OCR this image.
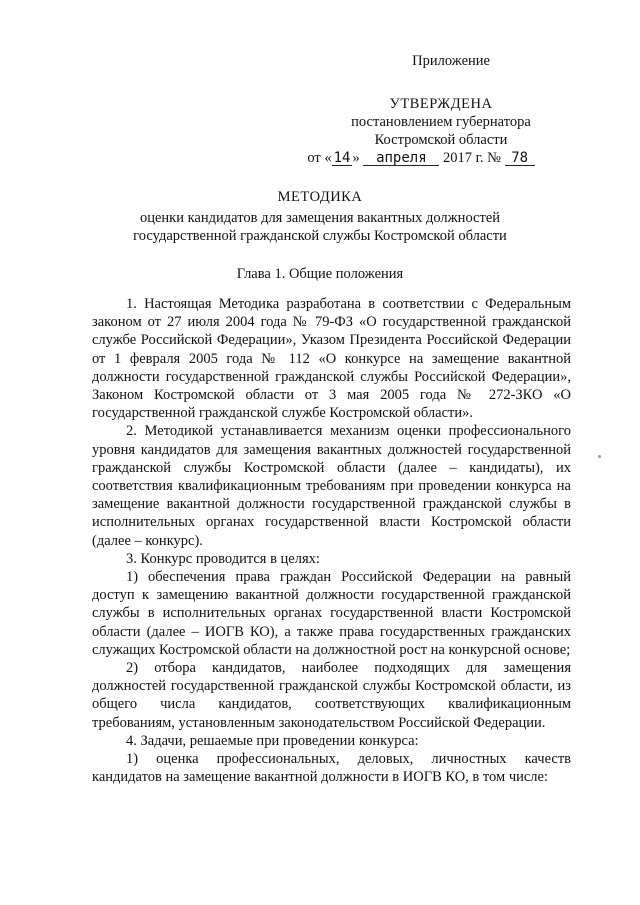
Приложение
УТВЕРЖДЕНА
постановлением губернатора
Костромской области
от « 14 » апреля 2017 г. № 78
МЕТОДИКА
оценки кандидатов для замещения вакантных должностей
государственной гражданской службы Костромской области
Глава 1. Общие положения

1. Настоящая Методика разработана в соответствии с Федеральным законом от 27 июля 2004 года № 79-ФЗ «О государственной гражданской службе Российской Федерации», Указом Президента Российской Федерации от 1 февраля 2005 года № 112 «О конкурсе на замещение вакантной должности государственной гражданской службы Российской Федерации», Законом Костромской области от 3 мая 2005 года № 272-ЗКО «О государственной гражданской службе Костромской области».

2. Методикой устанавливается механизм оценки профессионального уровня кандидатов для замещения вакантных должностей государственной гражданской службы Костромской области (далее – кандидаты), их соответствия квалификационным требованиям при проведении конкурса на замещение вакантной должности государственной гражданской службы в исполнительных органах государственной власти Костромской области (далее – конкурс).

3. Конкурс проводится в целях:

1) обеспечения права граждан Российской Федерации на равный доступ к замещению вакантной должности государственной гражданской службы в исполнительных органах государственной власти Костромской области (далее – ИОГВ КО), а также права государственных гражданских служащих Костромской области на должностной рост на конкурсной основе;

2) отбора кандидатов, наиболее подходящих для замещения должностей государственной гражданской службы Костромской области, из общего числа кандидатов, соответствующих квалификационным требованиям, установленным законодательством Российской Федерации.

4. Задачи, решаемые при проведении конкурса:

1) оценка профессиональных, деловых, личностных качеств кандидатов на замещение вакантной должности в ИОГВ КО, в том числе:
